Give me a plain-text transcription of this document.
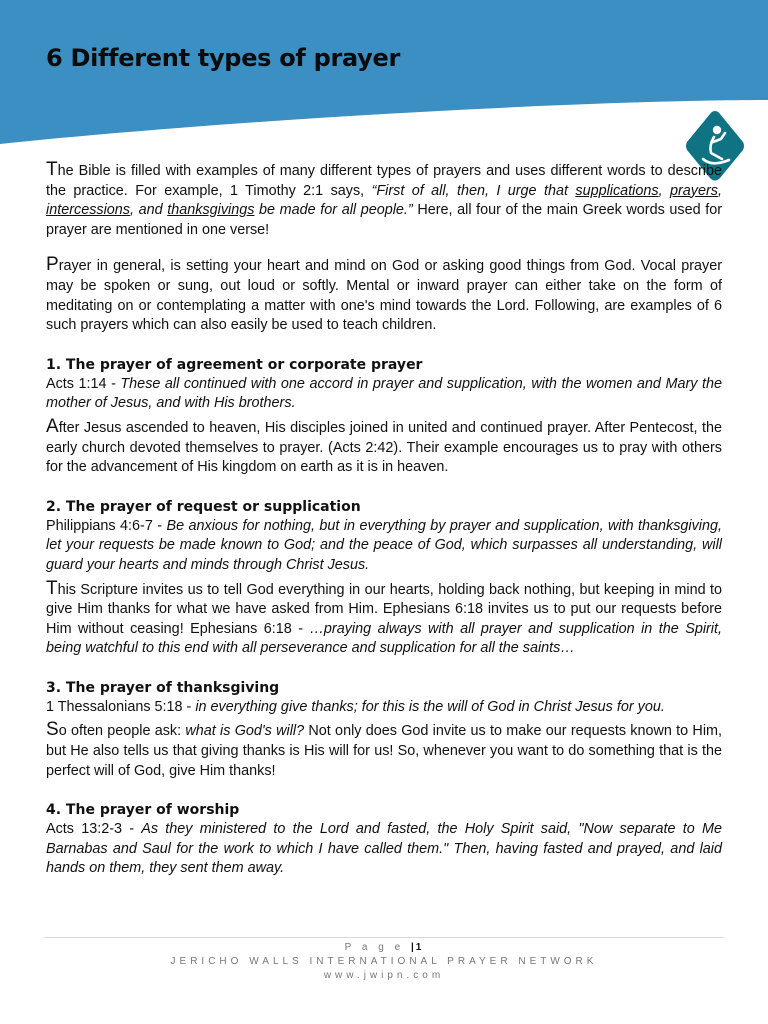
6 Different types of prayer

The Bible is filled with examples of many different types of prayers and uses different words to describe the practice. For example, 1 Timothy 2:1 says, “First of all, then, I urge that supplications, prayers, intercessions, and thanksgivings be made for all people.” Here, all four of the main Greek words used for prayer are mentioned in one verse!

Prayer in general, is setting your heart and mind on God or asking good things from God. Vocal prayer may be spoken or sung, out loud or softly. Mental or inward prayer can either take on the form of meditating on or contemplating a matter with one's mind towards the Lord. Following, are examples of 6 such prayers which can also easily be used to teach children.

1. The prayer of agreement or corporate prayer

Acts 1:14 - These all continued with one accord in prayer and supplication, with the women and Mary the mother of Jesus, and with His brothers.

After Jesus ascended to heaven, His disciples joined in united and continued prayer. After Pentecost, the early church devoted themselves to prayer. (Acts 2:42). Their example encourages us to pray with others for the advancement of His kingdom on earth as it is in heaven.

2. The prayer of request or supplication

Philippians 4:6-7 - Be anxious for nothing, but in everything by prayer and supplication, with thanksgiving, let your requests be made known to God; and the peace of God, which surpasses all understanding, will guard your hearts and minds through Christ Jesus.

This Scripture invites us to tell God everything in our hearts, holding back nothing, but keeping in mind to give Him thanks for what we have asked from Him. Ephesians 6:18 invites us to put our requests before Him without ceasing! Ephesians 6:18 - …praying always with all prayer and supplication in the Spirit, being watchful to this end with all perseverance and supplication for all the saints…

3. The prayer of thanksgiving

1 Thessalonians 5:18 - in everything give thanks; for this is the will of God in Christ Jesus for you.

So often people ask: what is God's will? Not only does God invite us to make our requests known to Him, but He also tells us that giving thanks is His will for us! So, whenever you want to do something that is the perfect will of God, give Him thanks!

4. The prayer of worship

Acts 13:2-3 - As they ministered to the Lord and fasted, the Holy Spirit said, "Now separate to Me Barnabas and Saul for the work to which I have called them." Then, having fasted and prayed, and laid hands on them, they sent them away.

P a g e |1
JERICHO WALLS INTERNATIONAL PRAYER NETWORK
www.jwipn.com
